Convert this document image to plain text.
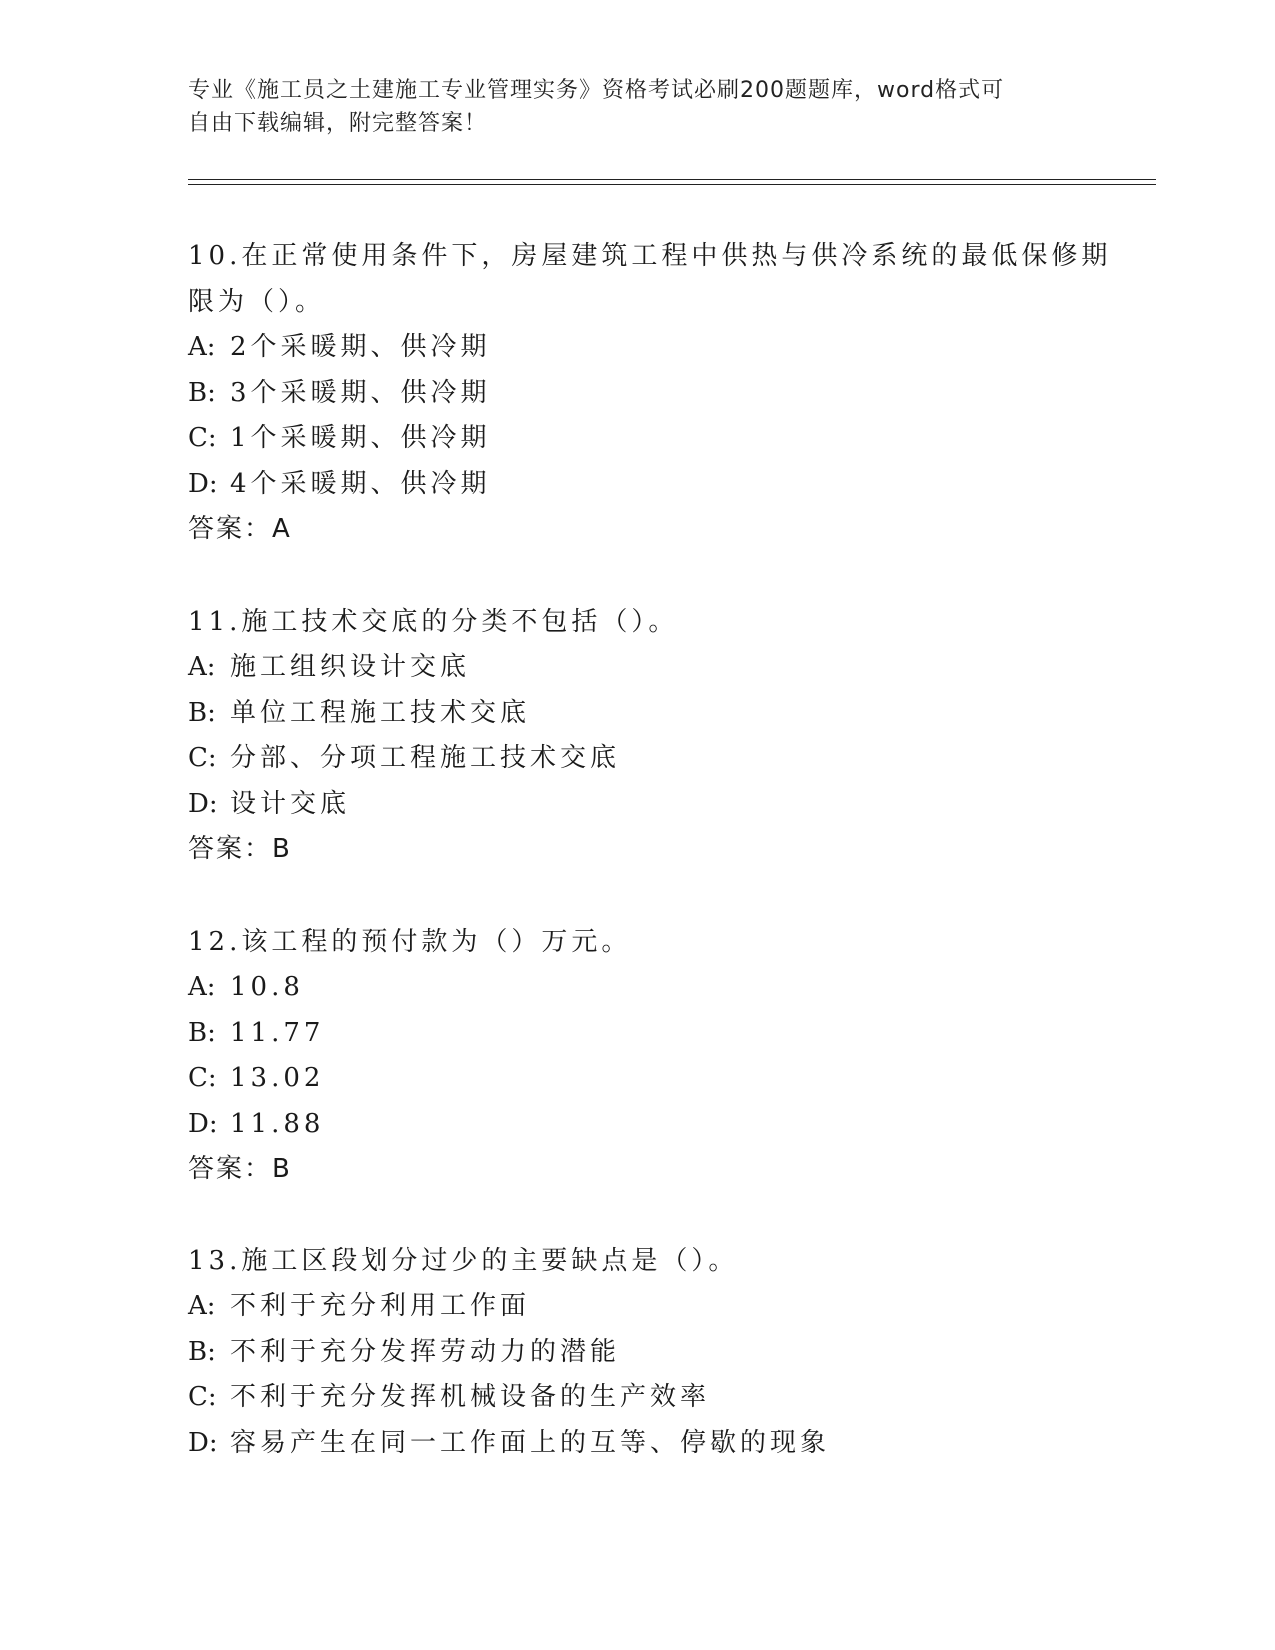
专业《施工员之土建施工专业管理实务》资格考试必刷200题题库，word格式可
自由下载编辑，附完整答案！
10.在正常使用条件下，房屋建筑工程中供热与供冷系统的最低保修期
限为（）。
A: 2个采暖期、供冷期
B: 3个采暖期、供冷期
C: 1个采暖期、供冷期
D: 4个采暖期、供冷期
答案：A
11.施工技术交底的分类不包括（）。
A: 施工组织设计交底
B: 单位工程施工技术交底
C: 分部、分项工程施工技术交底
D: 设计交底
答案：B
12.该工程的预付款为（）万元。
A: 10.8
B: 11.77
C: 13.02
D: 11.88
答案：B
13.施工区段划分过少的主要缺点是（）。
A: 不利于充分利用工作面
B: 不利于充分发挥劳动力的潜能
C: 不利于充分发挥机械设备的生产效率
D: 容易产生在同一工作面上的互等、停歇的现象
